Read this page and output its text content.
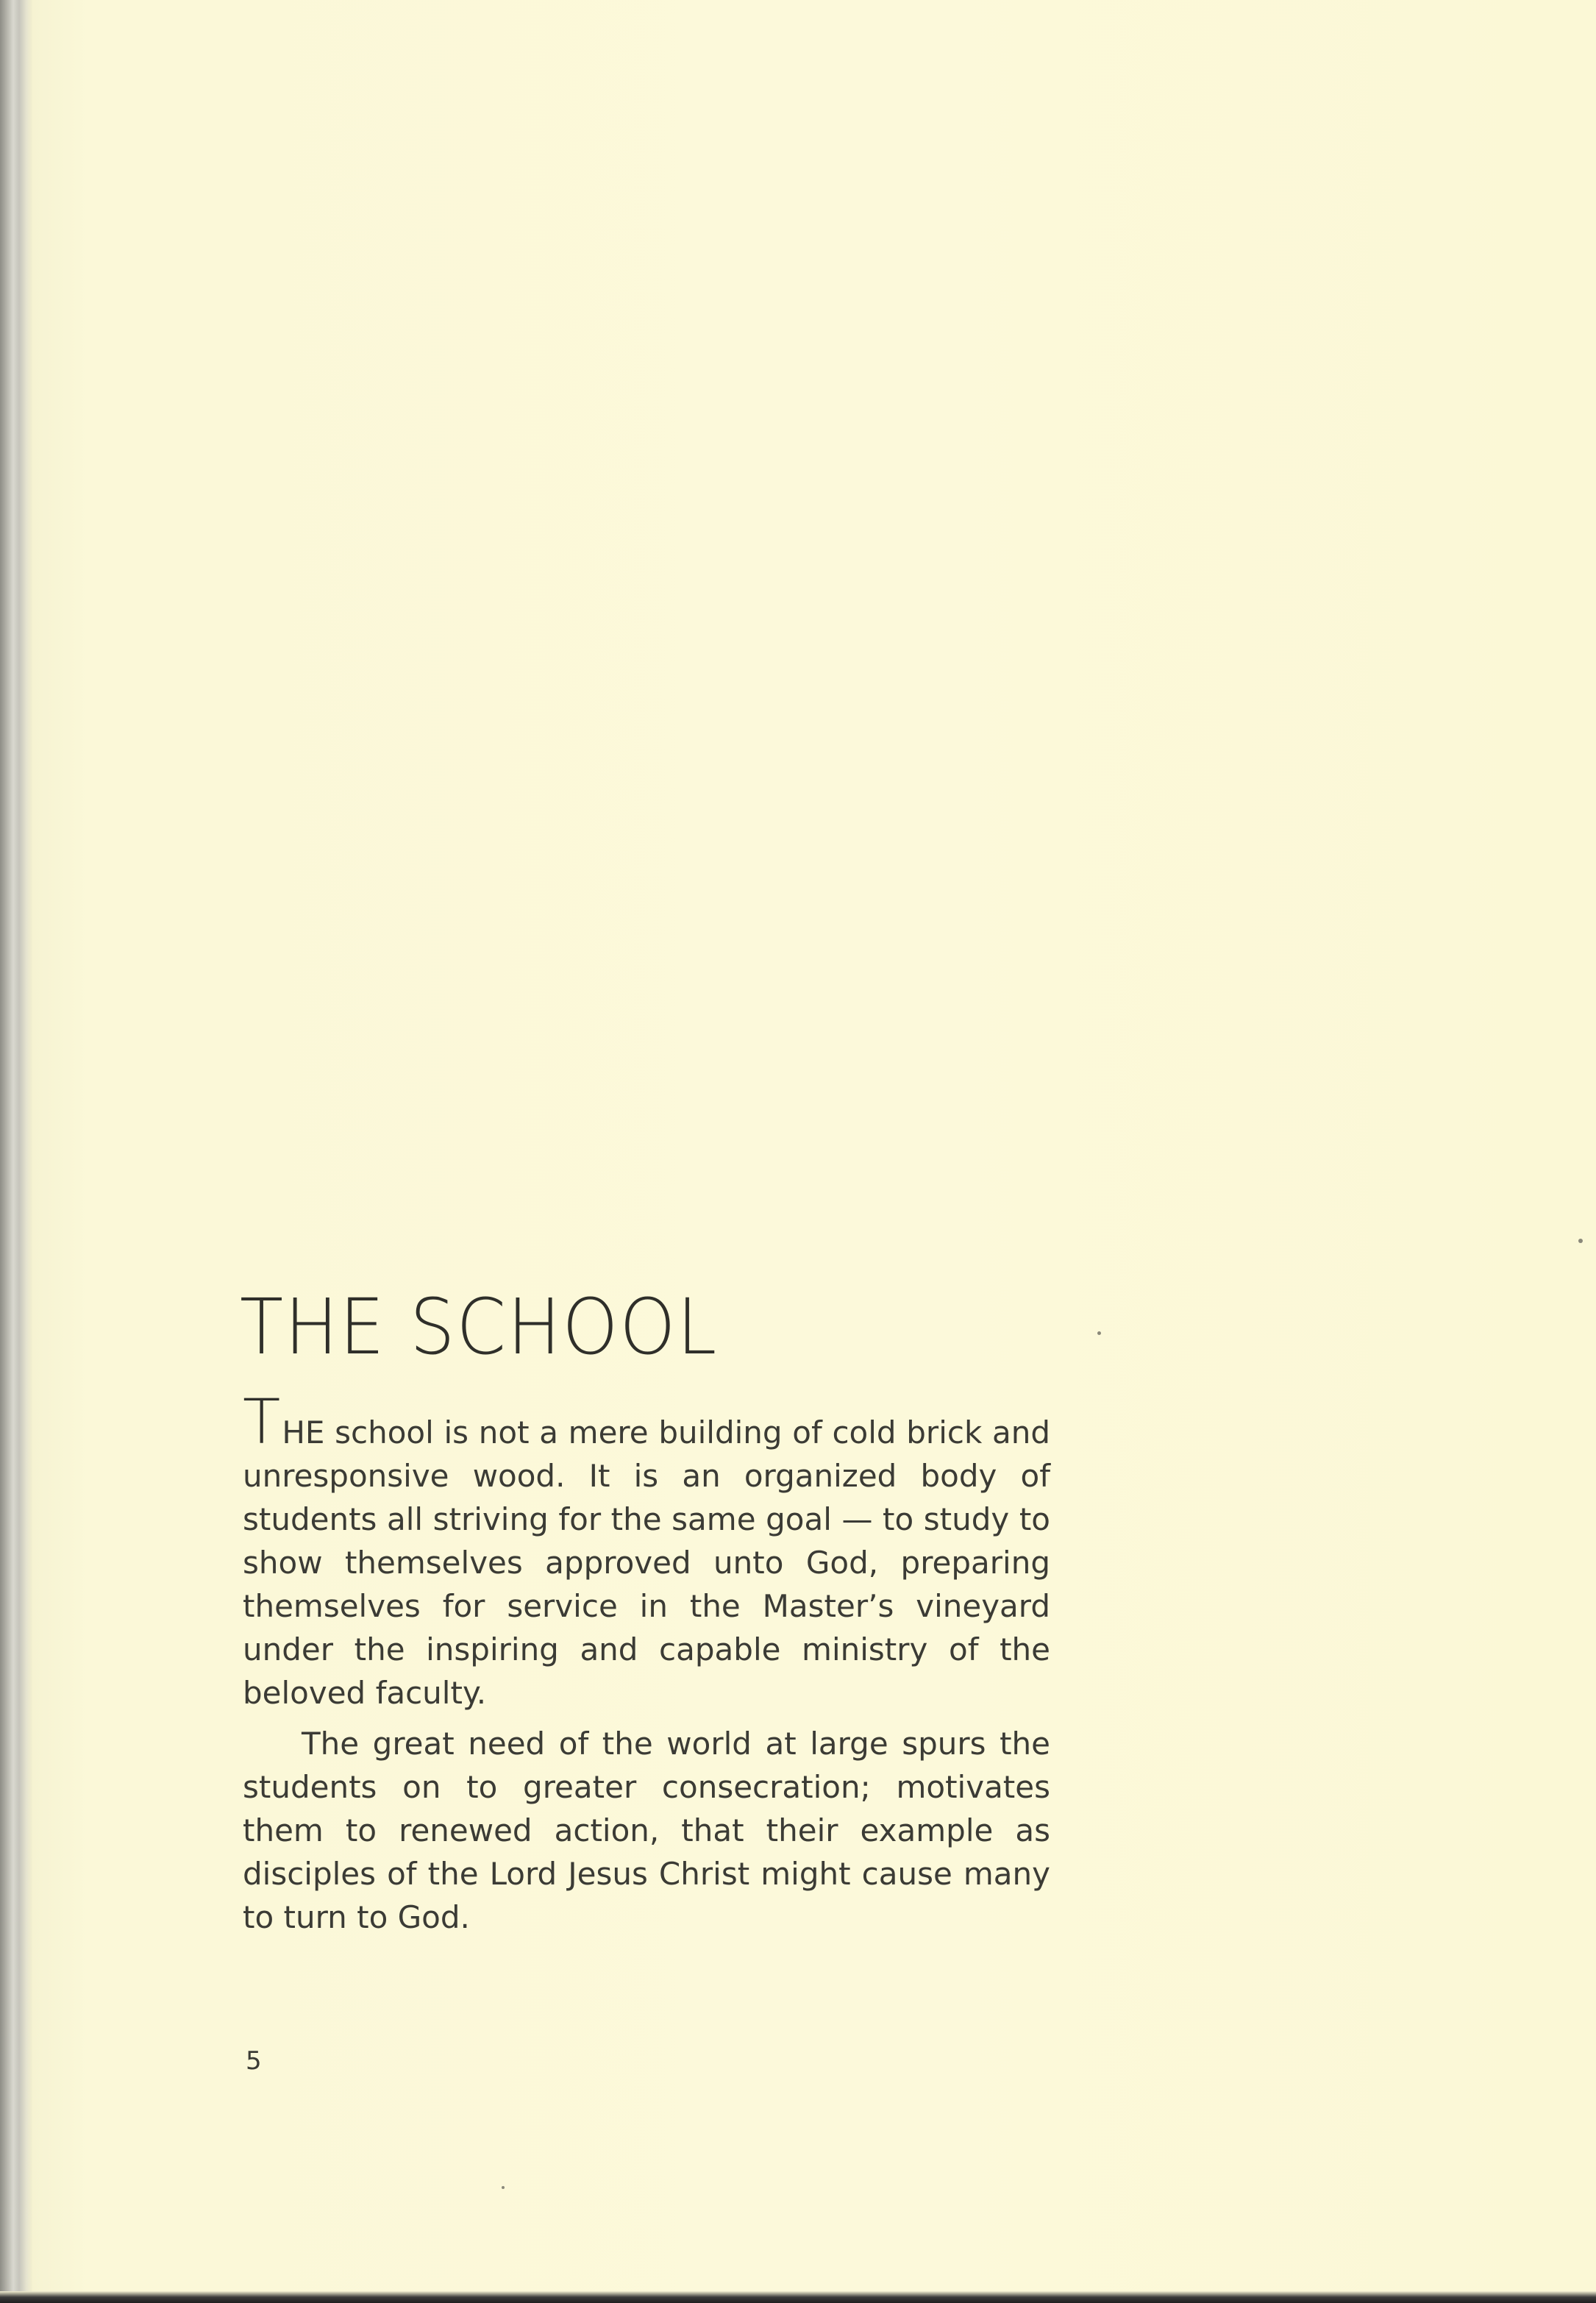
THE SCHOOL

THE school is not a mere building of cold brick and unresponsive wood. It is an organized body of students all striving for the same goal — to study to show themselves approved unto God, preparing themselves for service in the Master’s vineyard under the inspiring and capable ministry of the beloved faculty.

The great need of the world at large spurs the students on to greater consecration; motivates them to renewed action, that their example as disciples of the Lord Jesus Christ might cause many to turn to God.

5
